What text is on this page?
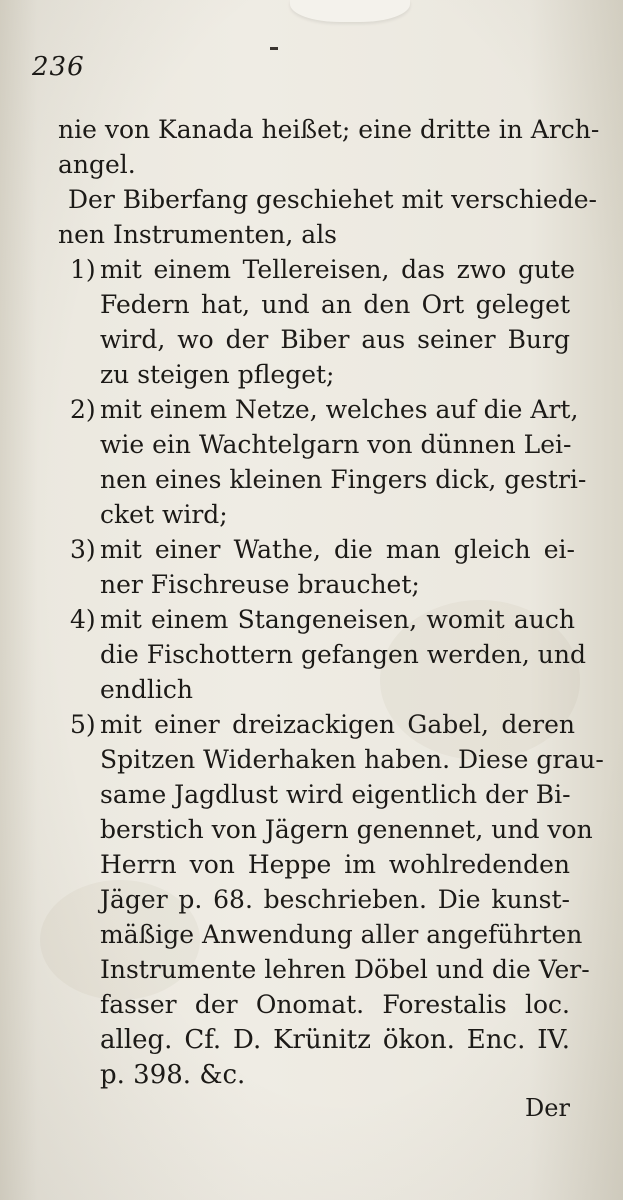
236
nie von Kanada heißet; eine dritte in Arch-
angel.
Der Biberfang geschiehet mit verschiede-
nen Instrumenten, als
1) mit einem Tellereisen, das zwo gute
Federn hat, und an den Ort geleget
wird, wo der Biber aus seiner Burg
zu steigen pfleget;
2) mit einem Netze, welches auf die Art,
wie ein Wachtelgarn von dünnen Lei-
nen eines kleinen Fingers dick, gestri-
cket wird;
3) mit einer Wathe, die man gleich ei-
ner Fischreuse brauchet;
4) mit einem Stangeneisen, womit auch
die Fischottern gefangen werden, und
endlich
5) mit einer dreizackigen Gabel, deren
Spitzen Widerhaken haben. Diese grau-
same Jagdlust wird eigentlich der Bi-
berstich von Jägern genennet, und von
Herrn von Heppe im wohlredenden
Jäger p. 68. beschrieben. Die kunst-
mäßige Anwendung aller angeführten
Instrumente lehren Döbel und die Ver-
fasser der Onomat. Forestalis loc.
alleg. Cf. D. Krünitz ökon. Enc. IV.
p. 398. &c.
Der
